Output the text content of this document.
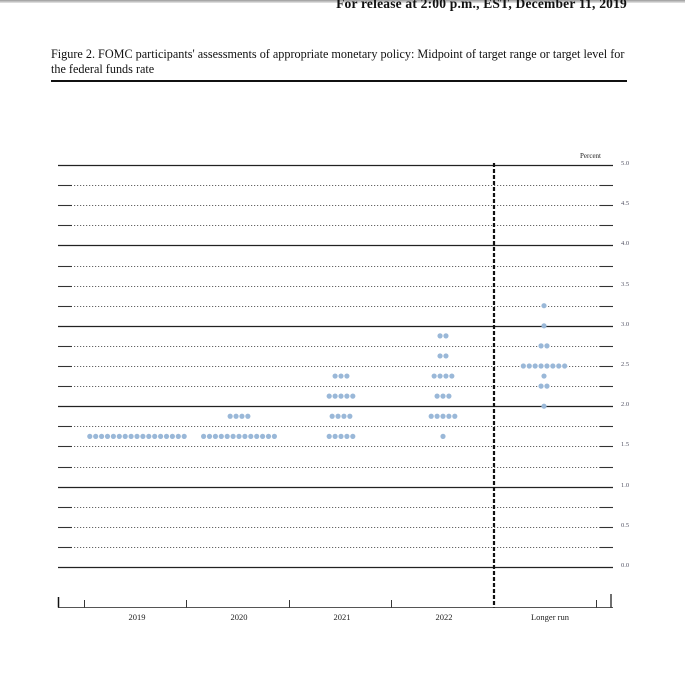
For release at 2:00 p.m., EST, December 11, 2019
Figure 2. FOMC participants' assessments of appropriate monetary policy: Midpoint of target range or target level for the federal funds rate
Percent
5.0
4.5
4.0
3.5
3.0
2.5
2.0
1.5
1.0
0.5
0.0
2019	2020	2021	2022	Longer run
